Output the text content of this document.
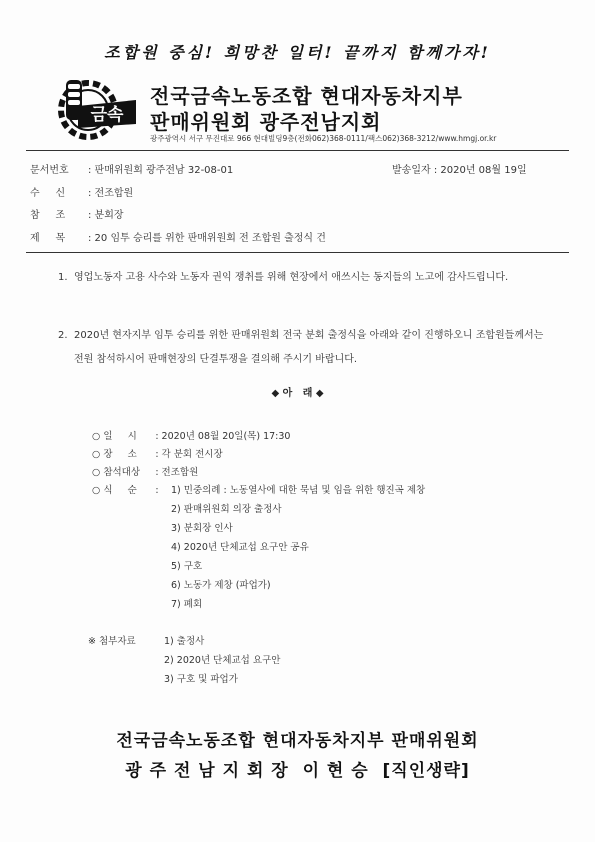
조합원 중심! 희망찬 일터! 끝까지 함께가자!
금속
전국금속노동조합 현대자동차지부
판매위원회 광주전남지회
광주광역시 서구 무진대로 966 현대빌딩9층(전화062)368-0111/팩스062)368-3212/www.hmgj.or.kr
문서번호 : 판매위원회 광주전남 32-08-01	발송일자 : 2020년 08월 19일
수     신 : 전조합원
참     조 : 분회장
제     목 : 20 임투 승리를 위한 판매위원회 전 조합원 출정식 건
1. 영업노동자 고용 사수와 노동자 권익 쟁취를 위해 현장에서 애쓰시는 동지들의 노고에 감사드립니다.
2. 2020년 현자지부 임투 승리를 위한 판매위원회 전국 분회 출정식을 아래와 같이 진행하오니 조합원들께서는 전원 참석하시어 판매현장의 단결투쟁을 결의해 주시기 바랍니다.
◆ 아   래 ◆
○ 일     시 : 2020년 08월 20일(목) 17:30
○ 장     소 : 각 분회 전시장
○ 참석대상 : 전조합원
○ 식     순 : 1) 민중의례 : 노동열사에 대한 묵념 및 임을 위한 행진곡 제창
2) 판매위원회 의장 출정사
3) 분회장 인사
4) 2020년 단체교섭 요구안 공유
5) 구호
6) 노동가 제창 (파업가)
7) 폐회
※ 첨부자료	1) 출정사
2) 2020년 단체교섭 요구안
3) 구호 및 파업가
전국금속노동조합 현대자동차지부 판매위원회
광 주 전 남 지 회 장  이 현 승  [직인생략]
